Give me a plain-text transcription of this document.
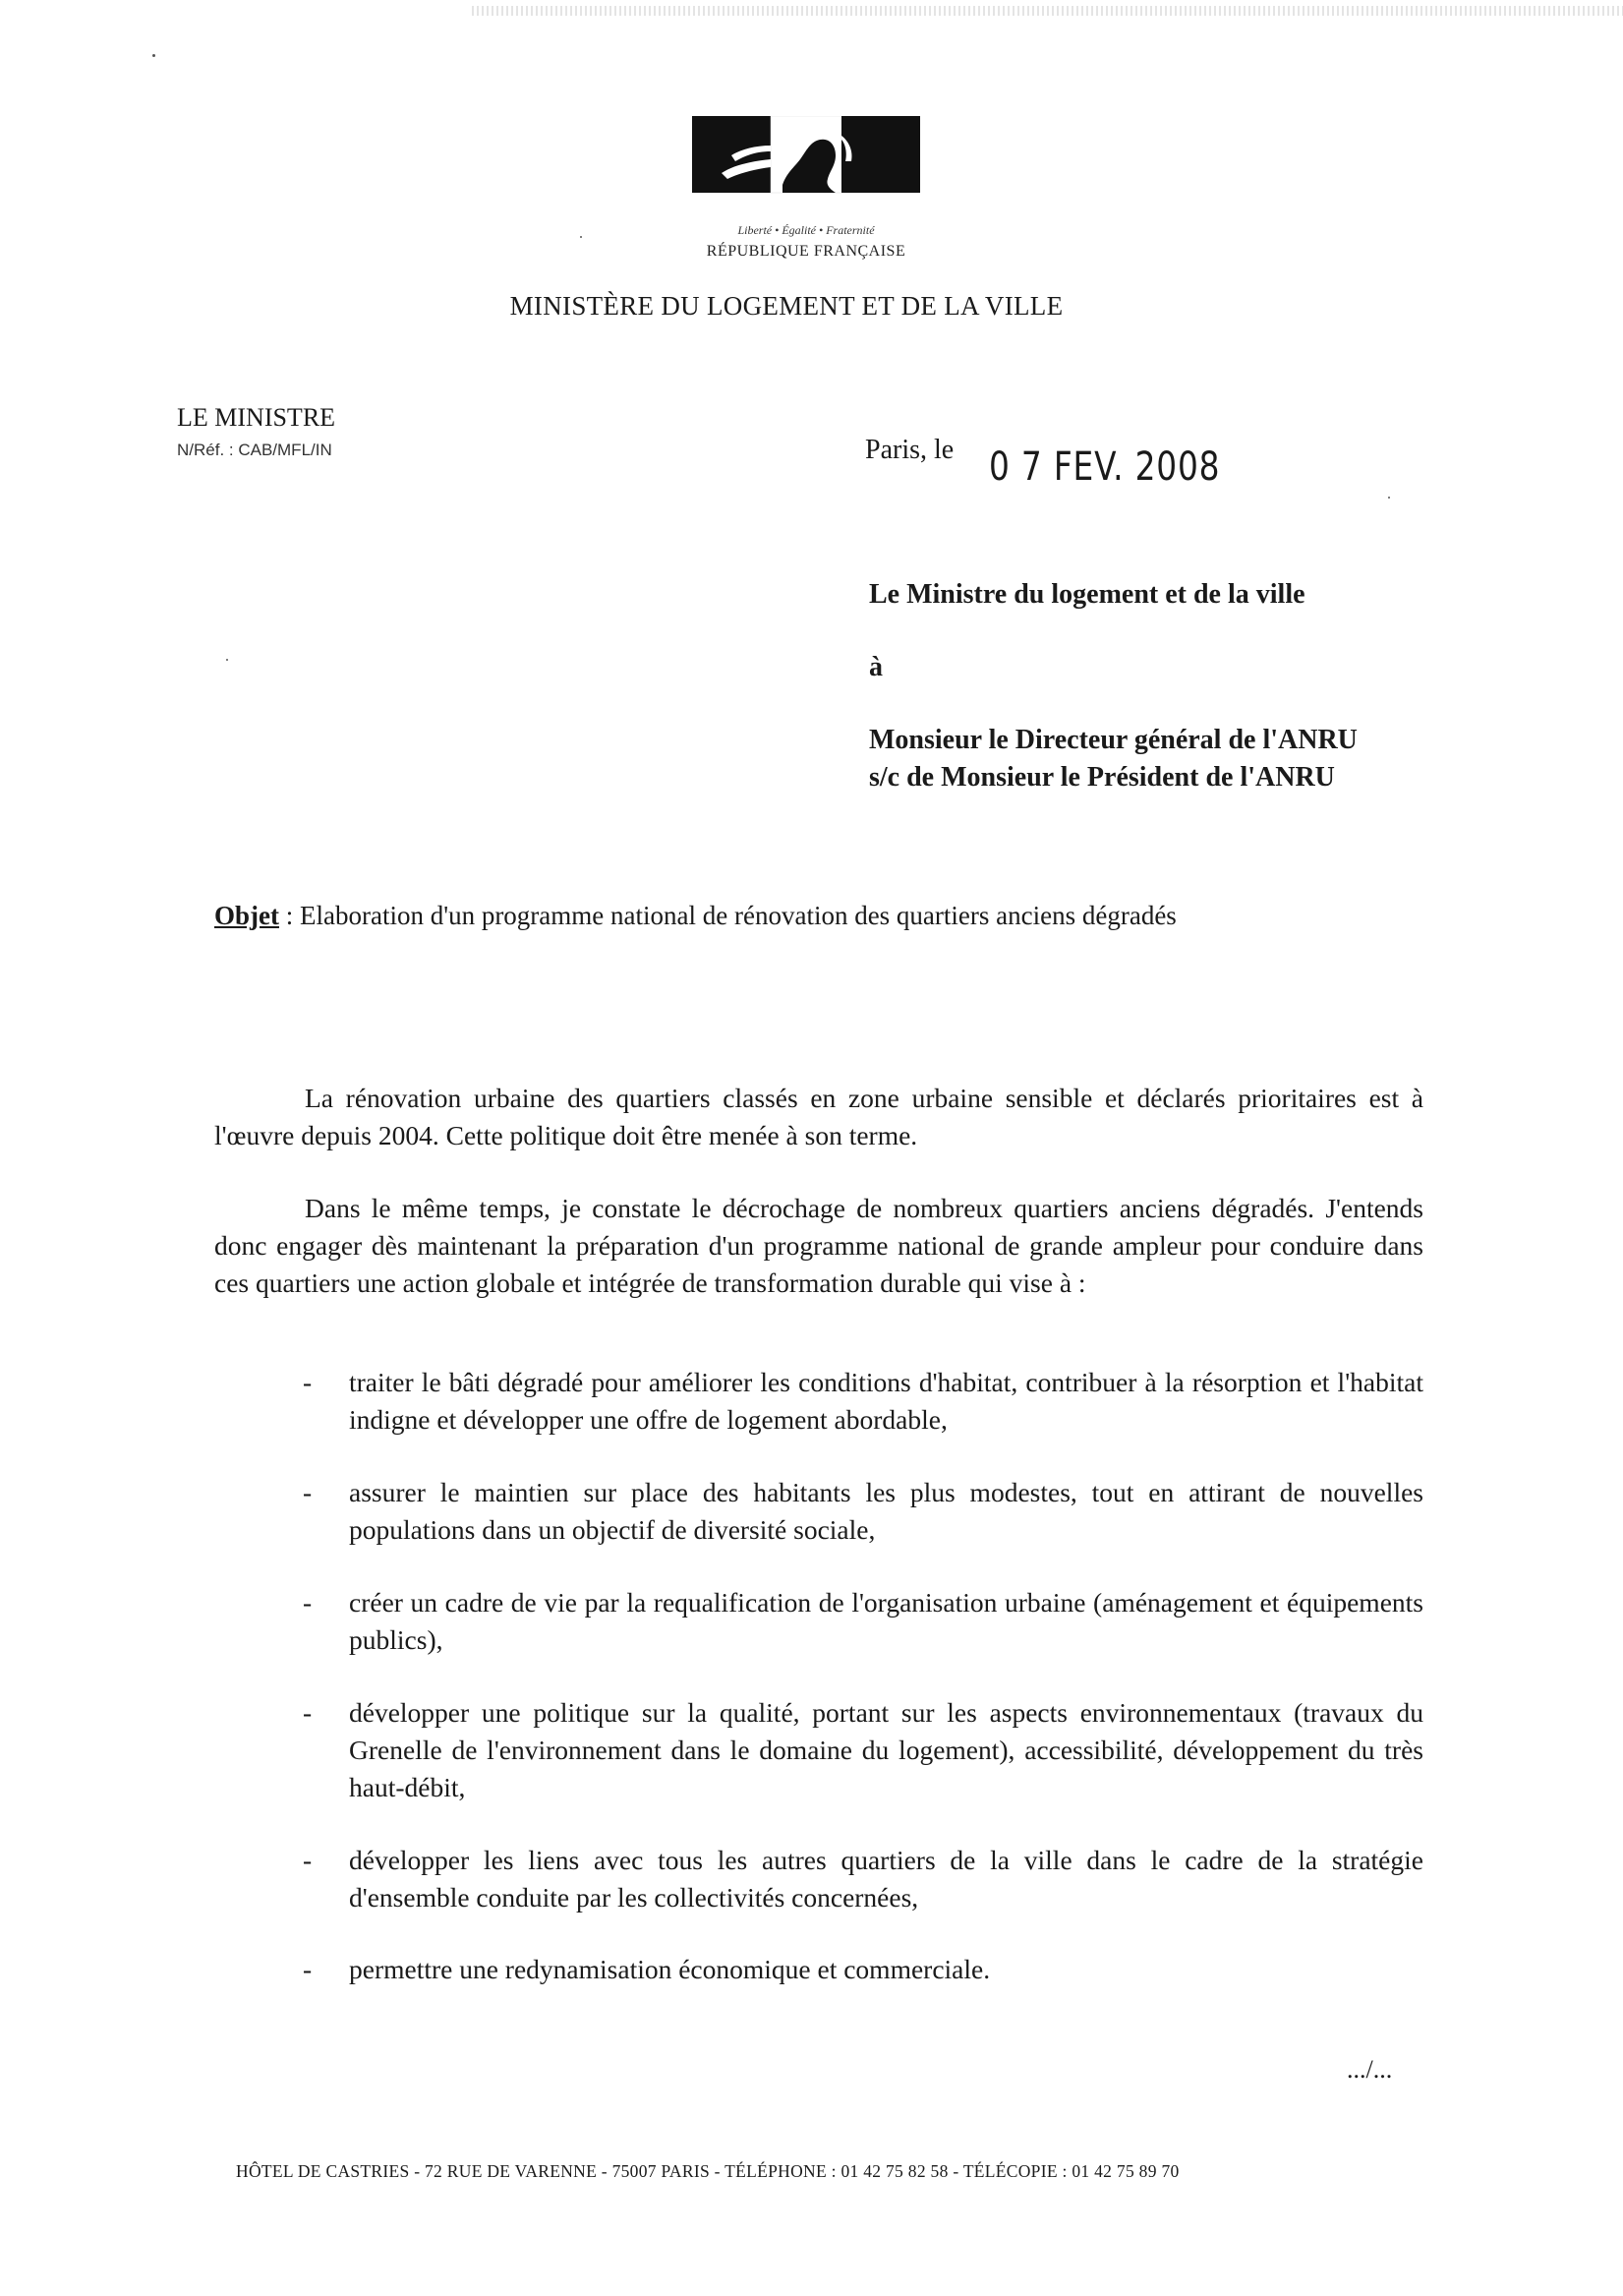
Liberté • Égalité • Fraternité
RÉPUBLIQUE FRANÇAISE
MINISTÈRE DU LOGEMENT ET DE LA VILLE
LE MINISTRE
N/Réf. : CAB/MFL/IN	Paris, le 0 7 FEV. 2008
Le Ministre du logement et de la ville
à
Monsieur le Directeur général de l'ANRU
s/c de Monsieur le Président de l'ANRU
Objet : Elaboration d'un programme national de rénovation des quartiers anciens dégradés
La rénovation urbaine des quartiers classés en zone urbaine sensible et déclarés prioritaires est à l'œuvre depuis 2004. Cette politique doit être menée à son terme.
Dans le même temps, je constate le décrochage de nombreux quartiers anciens dégradés. J'entends donc engager dès maintenant la préparation d'un programme national de grande ampleur pour conduire dans ces quartiers une action globale et intégrée de transformation durable qui vise à :
- traiter le bâti dégradé pour améliorer les conditions d'habitat, contribuer à la résorption et l'habitat indigne et développer une offre de logement abordable,
- assurer le maintien sur place des habitants les plus modestes, tout en attirant de nouvelles populations dans un objectif de diversité sociale,
- créer un cadre de vie par la requalification de l'organisation urbaine (aménagement et équipements publics),
- développer une politique sur la qualité, portant sur les aspects environnementaux (travaux du Grenelle de l'environnement dans le domaine du logement), accessibilité, développement du très haut-débit,
- développer les liens avec tous les autres quartiers de la ville dans le cadre de la stratégie d'ensemble conduite par les collectivités concernées,
- permettre une redynamisation économique et commerciale.
.../...
HÔTEL DE CASTRIES - 72 RUE DE VARENNE - 75007 PARIS - TÉLÉPHONE : 01 42 75 82 58 - TÉLÉCOPIE : 01 42 75 89 70
